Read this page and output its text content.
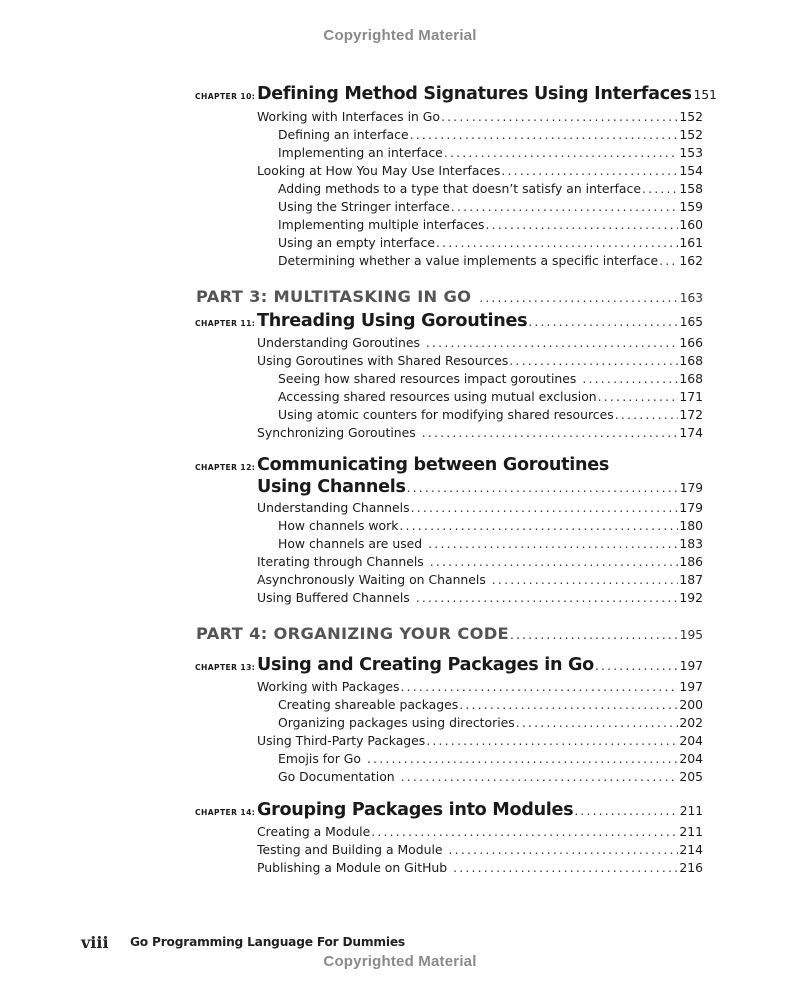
Copyrighted Material
CHAPTER 10: Defining Method Signatures Using Interfaces 151
Working with Interfaces in Go .....	152
Defining an interface .....	152
Implementing an interface .....	153
Looking at How You May Use Interfaces .....	154
Adding methods to a type that doesn’t satisfy an interface .....	158
Using the Stringer interface .....	159
Implementing multiple interfaces .....	160
Using an empty interface .....	161
Determining whether a value implements a specific interface ..... 162
PART 3: MULTITASKING IN GO .....	163
CHAPTER 11: Threading Using Goroutines .....	165
Understanding Goroutines .....	166
Using Goroutines with Shared Resources .....	168
Seeing how shared resources impact goroutines .....	168
Accessing shared resources using mutual exclusion .....	171
Using atomic counters for modifying shared resources .....	172
Synchronizing Goroutines .....	174
CHAPTER 12: Communicating between Goroutines
Using Channels .....	179
Understanding Channels .....	179
How channels work .....	180
How channels are used .....	183
Iterating through Channels .....	186
Asynchronously Waiting on Channels .....	187
Using Buffered Channels .....	192
PART 4: ORGANIZING YOUR CODE .....	195
CHAPTER 13: Using and Creating Packages in Go .....	197
Working with Packages .....	197
Creating shareable packages .....	200
Organizing packages using directories .....	202
Using Third-Party Packages .....	204
Emojis for Go .....	204
Go Documentation .....	205
CHAPTER 14: Grouping Packages into Modules .....	211
Creating a Module .....	211
Testing and Building a Module .....	214
Publishing a Module on GitHub .....	216
viii Go Programming Language For Dummies
Copyrighted Material
